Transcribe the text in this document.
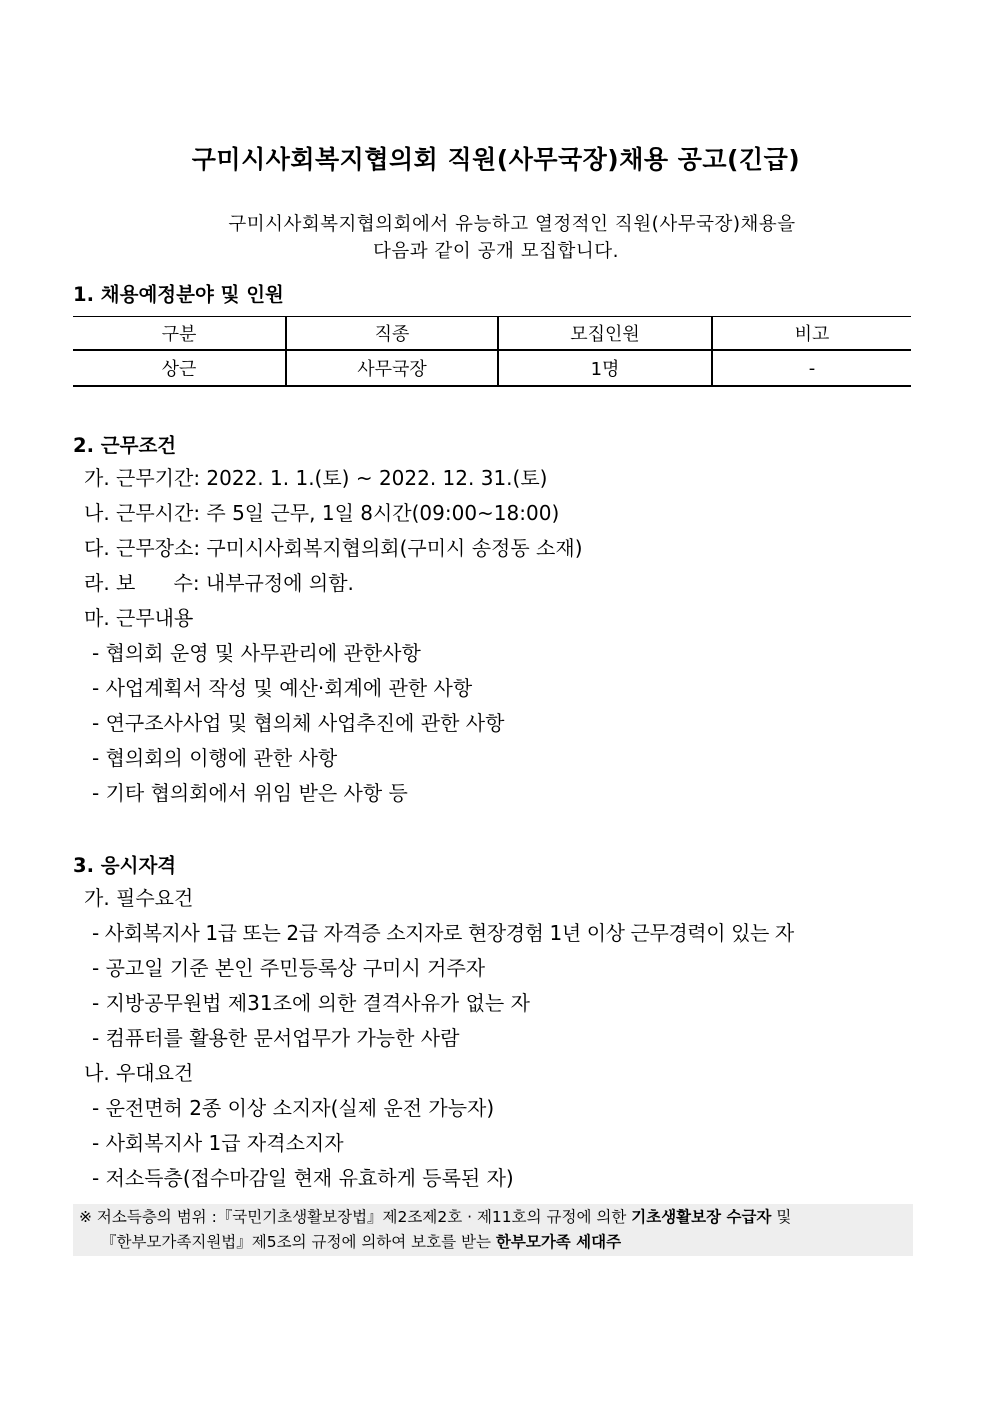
구미시사회복지협의회 직원(사무국장)채용 공고(긴급)
구미시사회복지협의회에서 유능하고 열정적인 직원(사무국장)채용을
다음과 같이 공개 모집합니다.
1. 채용예정분야 및 인원
구분	직종	모집인원	비고
상근	사무국장	1명	-
2. 근무조건
가. 근무기간: 2022. 1. 1.(토) ~ 2022. 12. 31.(토)
나. 근무시간: 주 5일 근무, 1일 8시간(09:00~18:00)
다. 근무장소: 구미시사회복지협의회(구미시 송정동 소재)
라. 보      수: 내부규정에 의함.
마. 근무내용
- 협의회 운영 및 사무관리에 관한사항
- 사업계획서 작성 및 예산·회계에 관한 사항
- 연구조사사업 및 협의체 사업추진에 관한 사항
- 협의회의 이행에 관한 사항
- 기타 협의회에서 위임 받은 사항 등
3. 응시자격
가. 필수요건
- 사회복지사 1급 또는 2급 자격증 소지자로 현장경험 1년 이상 근무경력이 있는 자
- 공고일 기준 본인 주민등록상 구미시 거주자
- 지방공무원법 제31조에 의한 결격사유가 없는 자
- 컴퓨터를 활용한 문서업무가 가능한 사람
나. 우대요건
- 운전면허 2종 이상 소지자(실제 운전 가능자)
- 사회복지사 1급 자격소지자
- 저소득층(접수마감일 현재 유효하게 등록된 자)
※ 저소득층의 범위 :『국민기초생활보장법』제2조제2호 · 제11호의 규정에 의한 기초생활보장 수급자 및
『한부모가족지원법』제5조의 규정에 의하여 보호를 받는 한부모가족 세대주
